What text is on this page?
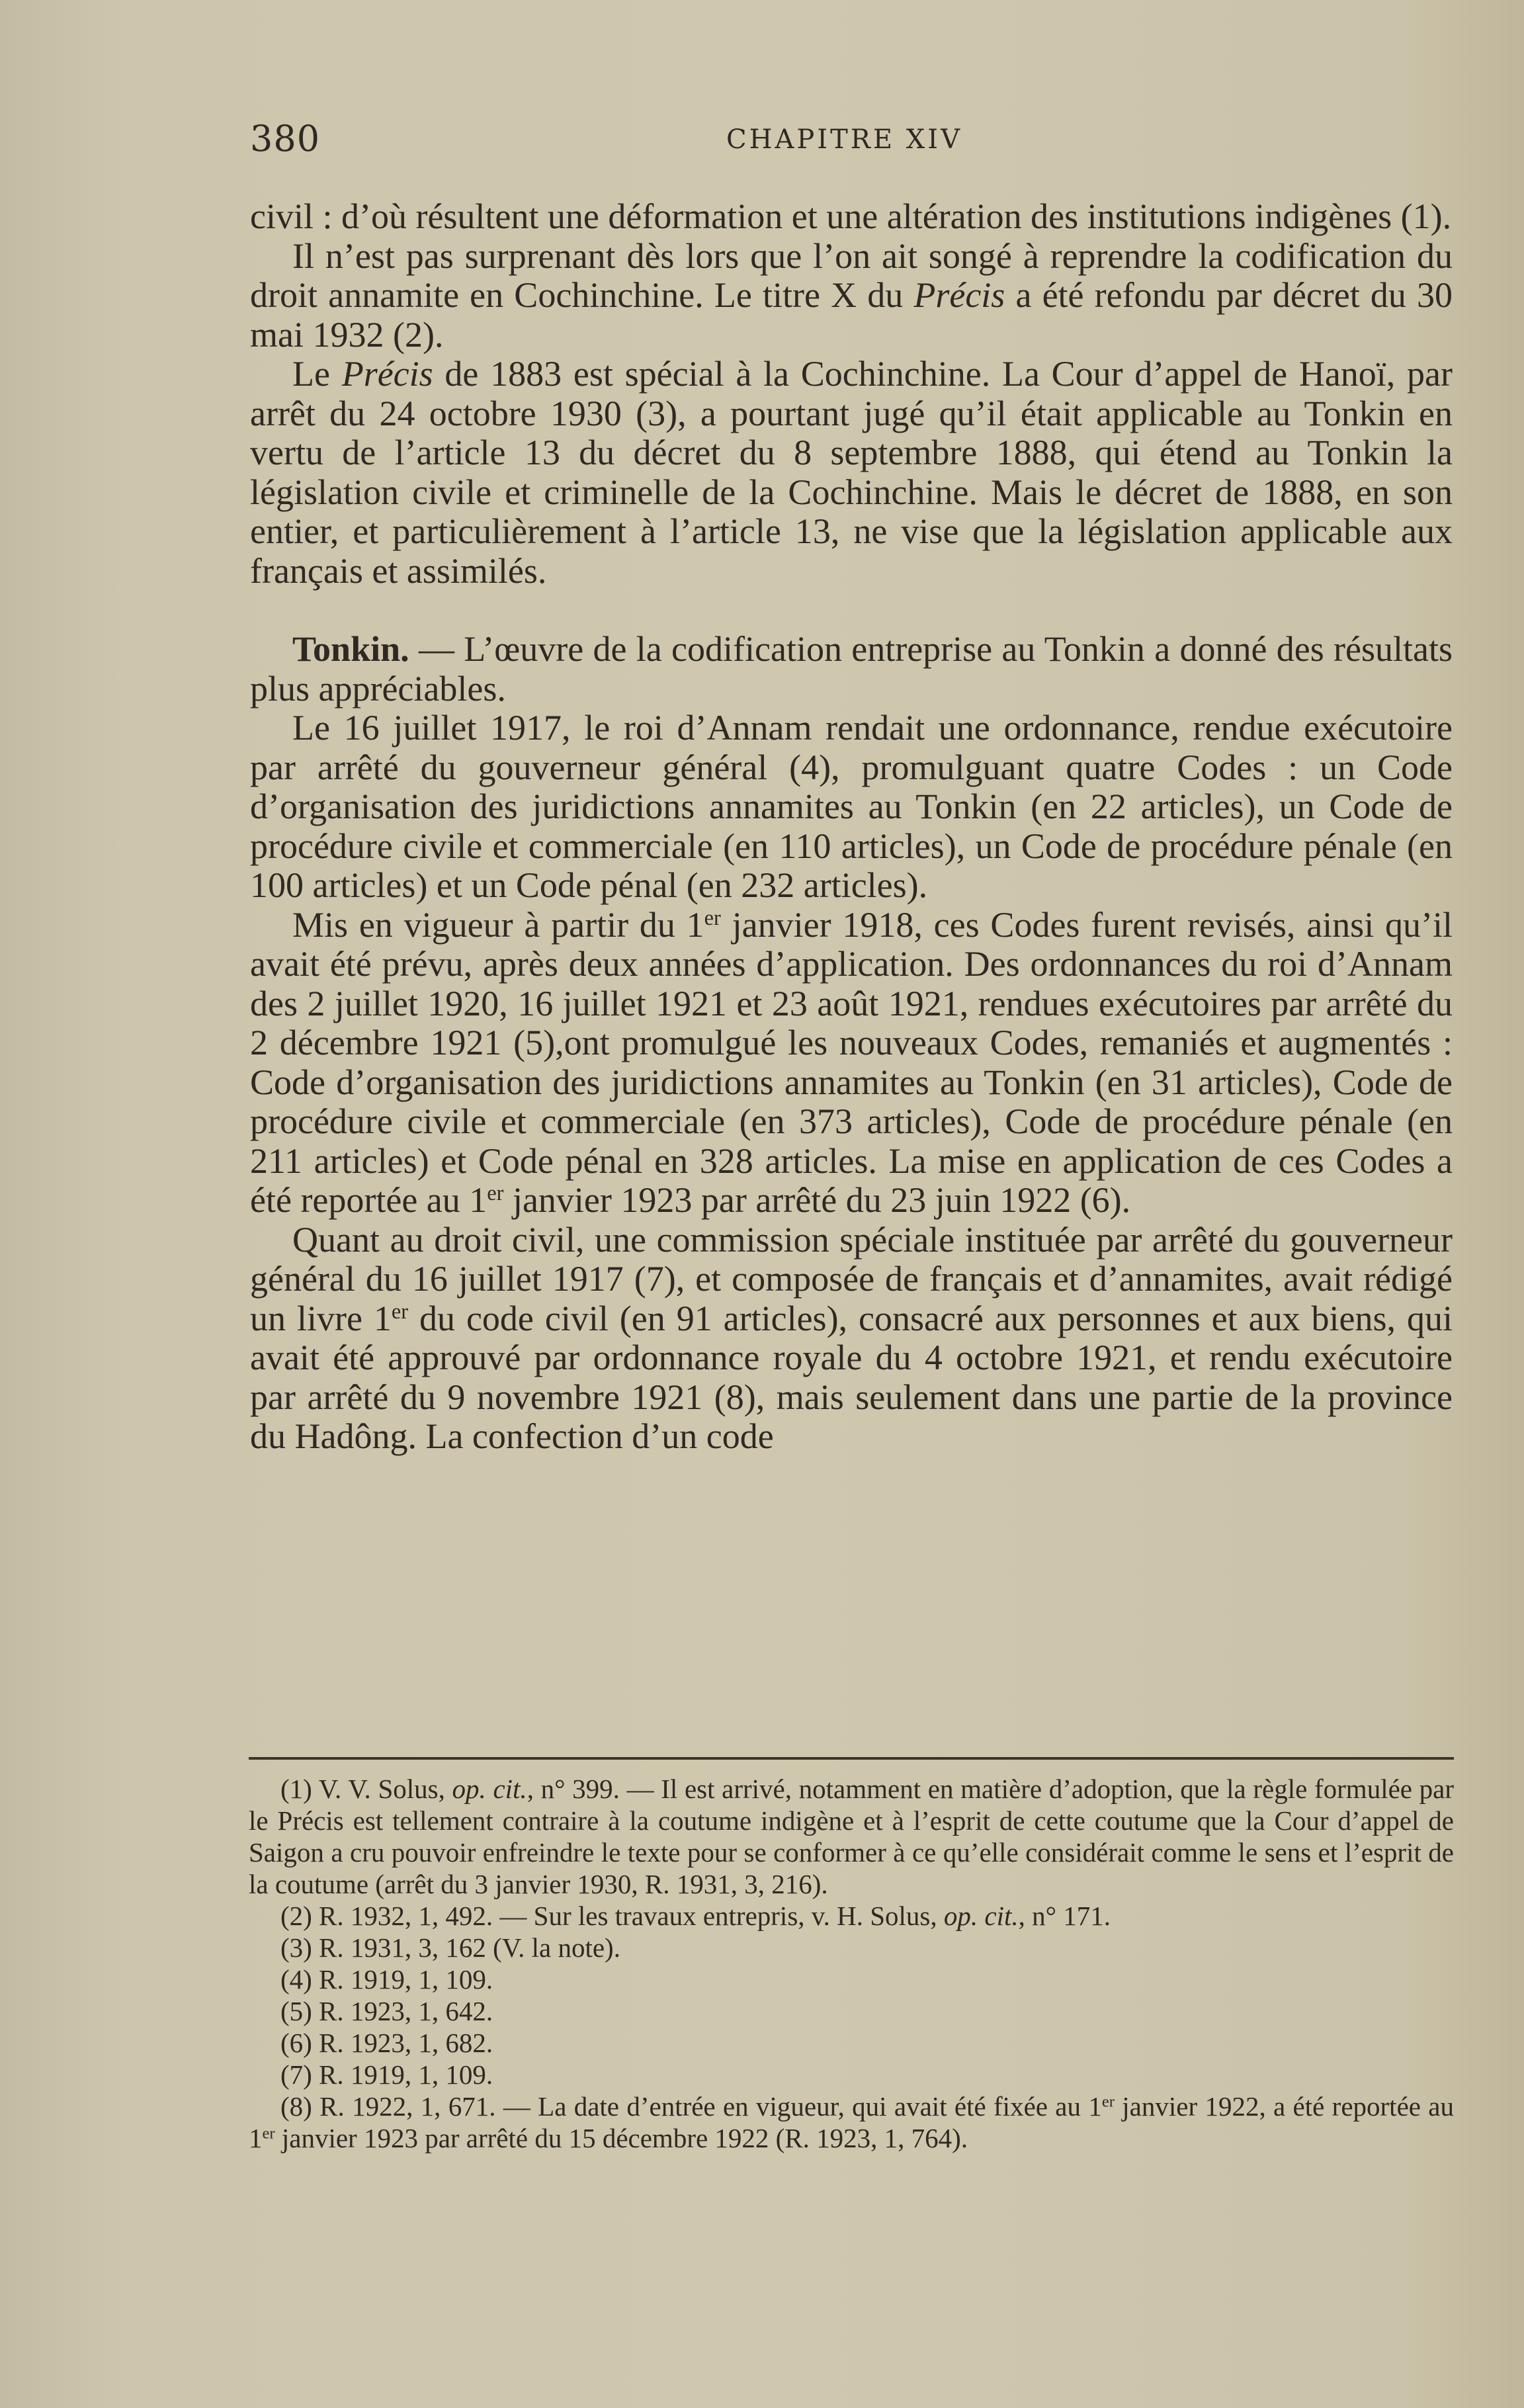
380	CHAPITRE XIV

civil : d’où résultent une déformation et une altération des institutions indigènes (1).

Il n’est pas surprenant dès lors que l’on ait songé à reprendre la codification du droit annamite en Cochinchine. Le titre X du Précis a été refondu par décret du 30 mai 1932 (2).

Le Précis de 1883 est spécial à la Cochinchine. La Cour d’appel de Hanoï, par arrêt du 24 octobre 1930 (3), a pourtant jugé qu’il était applicable au Tonkin en vertu de l’article 13 du décret du 8 septembre 1888, qui étend au Tonkin la législation civile et criminelle de la Cochinchine. Mais le décret de 1888, en son entier, et particulièrement à l’article 13, ne vise que la législation applicable aux français et assimilés.

Tonkin. — L’œuvre de la codification entreprise au Tonkin a donné des résultats plus appréciables.

Le 16 juillet 1917, le roi d’Annam rendait une ordonnance, rendue exécutoire par arrêté du gouverneur général (4), promulguant quatre Codes : un Code d’organisation des juridictions annamites au Tonkin (en 22 articles), un Code de procédure civile et commerciale (en 110 articles), un Code de procédure pénale (en 100 articles) et un Code pénal (en 232 articles).

Mis en vigueur à partir du 1er janvier 1918, ces Codes furent revisés, ainsi qu’il avait été prévu, après deux années d’application. Des ordonnances du roi d’Annam des 2 juillet 1920, 16 juillet 1921 et 23 août 1921, rendues exécutoires par arrêté du 2 décembre 1921 (5),ont promulgué les nouveaux Codes, remaniés et augmentés : Code d’organisation des juridictions annamites au Tonkin (en 31 articles), Code de procédure civile et commerciale (en 373 articles), Code de procédure pénale (en 211 articles) et Code pénal en 328 articles. La mise en application de ces Codes a été reportée au 1er janvier 1923 par arrêté du 23 juin 1922 (6).

Quant au droit civil, une commission spéciale instituée par arrêté du gouverneur général du 16 juillet 1917 (7), et composée de français et d’annamites, avait rédigé un livre 1er du code civil (en 91 articles), consacré aux personnes et aux biens, qui avait été approuvé par ordonnance royale du 4 octobre 1921, et rendu exécutoire par arrêté du 9 novembre 1921 (8), mais seulement dans une partie de la province du Hadông. La confection d’un code

(1) V. V. Solus, op. cit., n° 399. — Il est arrivé, notamment en matière d’adoption, que la règle formulée par le Précis est tellement contraire à la coutume indigène et à l’esprit de cette coutume que la Cour d’appel de Saigon a cru pouvoir enfreindre le texte pour se conformer à ce qu’elle considérait comme le sens et l’esprit de la coutume (arrêt du 3 janvier 1930, R. 1931, 3, 216).

(2) R. 1932, 1, 492. — Sur les travaux entrepris, v. H. Solus, op. cit., n° 171.

(3) R. 1931, 3, 162 (V. la note).

(4) R. 1919, 1, 109.

(5) R. 1923, 1, 642.

(6) R. 1923, 1, 682.

(7) R. 1919, 1, 109.

(8) R. 1922, 1, 671. — La date d’entrée en vigueur, qui avait été fixée au 1er janvier 1922, a été reportée au 1er janvier 1923 par arrêté du 15 décembre 1922 (R. 1923, 1, 764).
